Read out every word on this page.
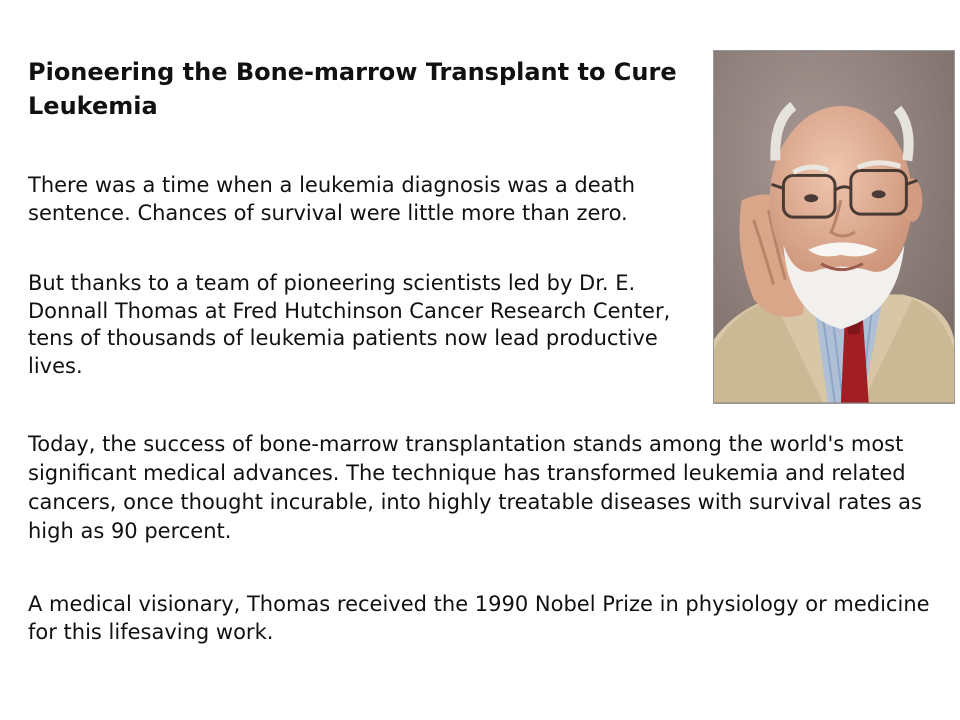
Pioneering the Bone-marrow Transplant to Cure Leukemia

There was a time when a leukemia diagnosis was a death sentence. Chances of survival were little more than zero.

But thanks to a team of pioneering scientists led by Dr. E. Donnall Thomas at Fred Hutchinson Cancer Research Center, tens of thousands of leukemia patients now lead productive lives.

Today, the success of bone-marrow transplantation stands among the world's most significant medical advances. The technique has transformed leukemia and related cancers, once thought incurable, into highly treatable diseases with survival rates as high as 90 percent.

A medical visionary, Thomas received the 1990 Nobel Prize in physiology or medicine for this lifesaving work.
